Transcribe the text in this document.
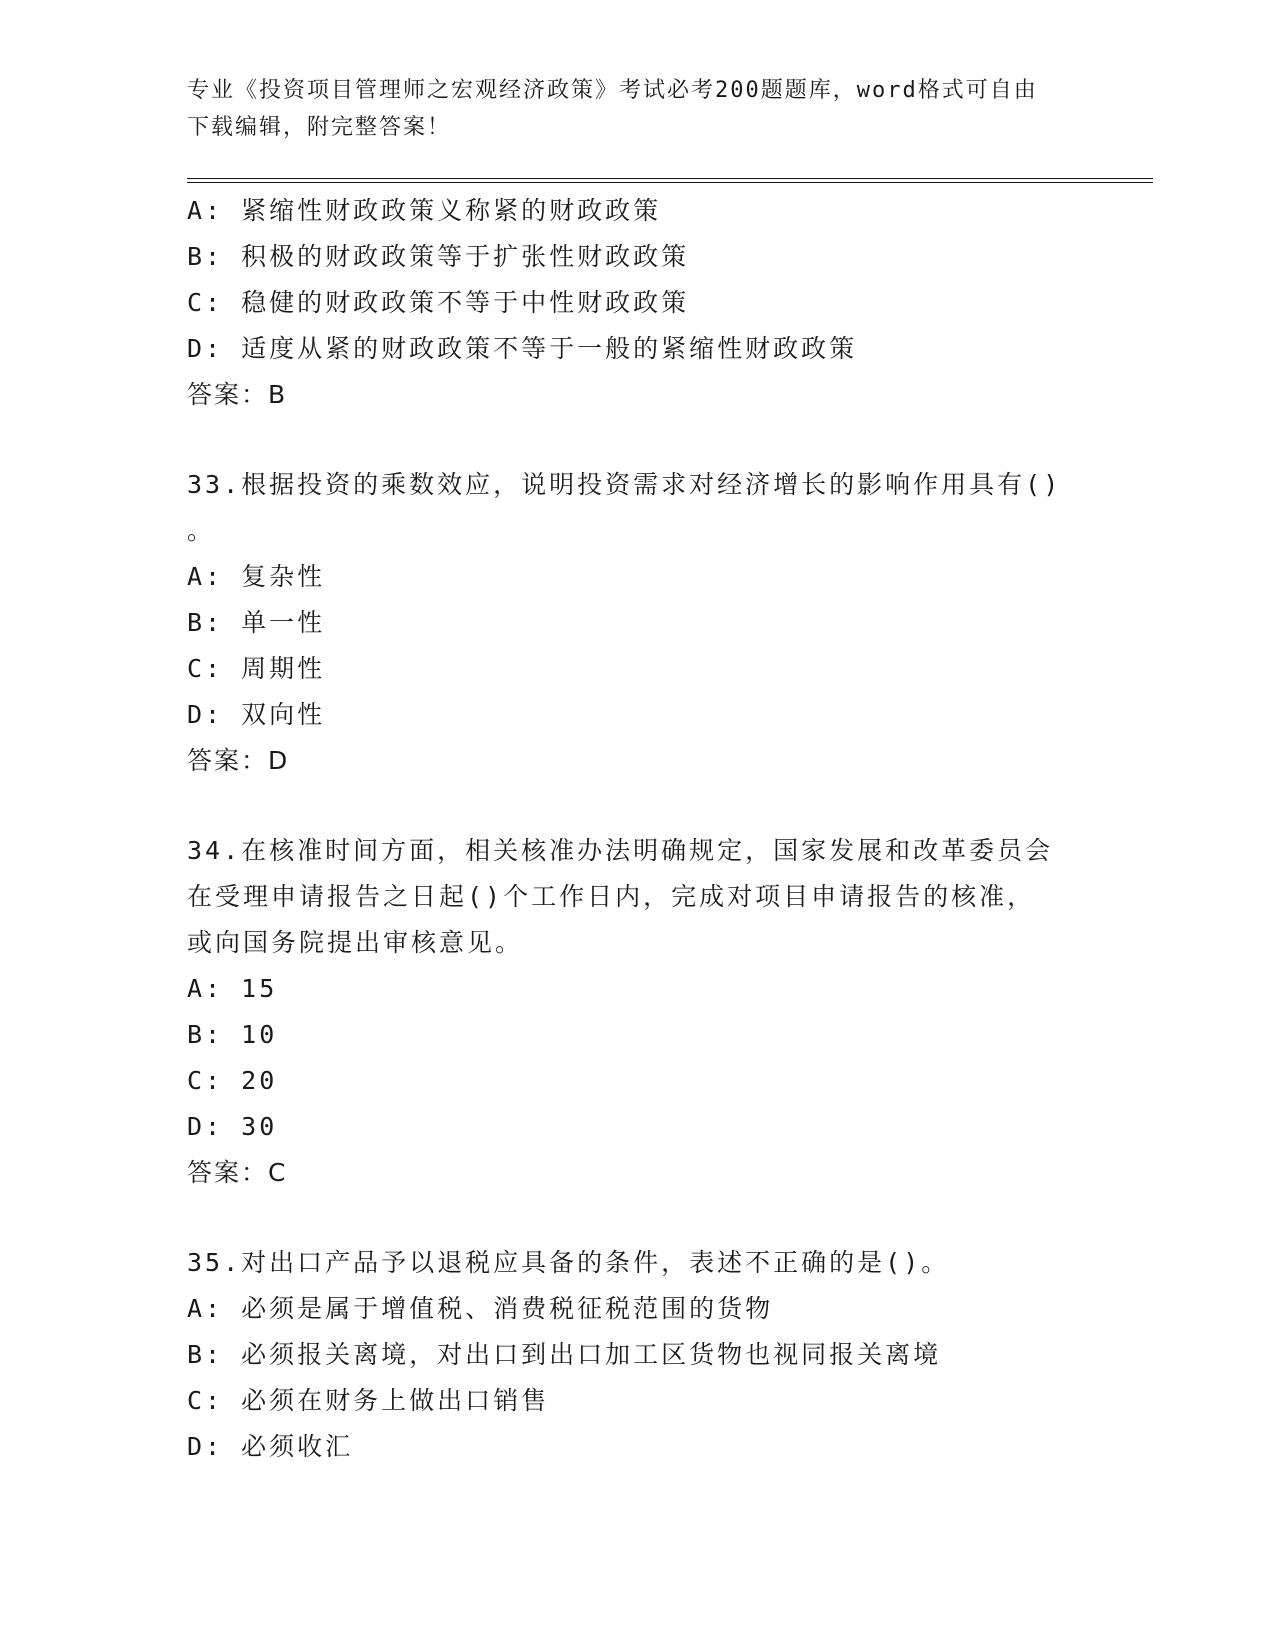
专业《投资项目管理师之宏观经济政策》考试必考200题题库，word格式可自由
下载编辑，附完整答案！
A: 紧缩性财政政策义称紧的财政政策
B: 积极的财政政策等于扩张性财政政策
C: 稳健的财政政策不等于中性财政政策
D: 适度从紧的财政政策不等于一般的紧缩性财政政策
答案：B
33.根据投资的乘数效应，说明投资需求对经济增长的影响作用具有()
。
A: 复杂性
B: 单一性
C: 周期性
D: 双向性
答案：D
34.在核准时间方面，相关核准办法明确规定，国家发展和改革委员会
在受理申请报告之日起()个工作日内，完成对项目申请报告的核准，
或向国务院提出审核意见。
A: 15
B: 10
C: 20
D: 30
答案：C
35.对出口产品予以退税应具备的条件，表述不正确的是()。
A: 必须是属于增值税、消费税征税范围的货物
B: 必须报关离境，对出口到出口加工区货物也视同报关离境
C: 必须在财务上做出口销售
D: 必须收汇
